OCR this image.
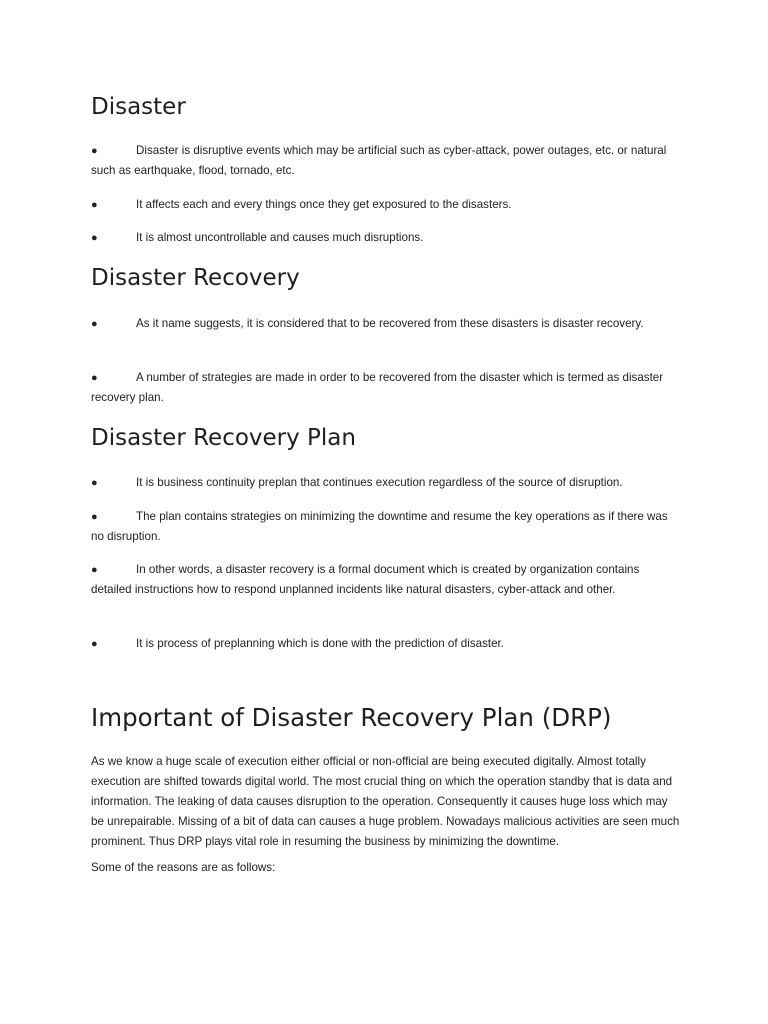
Disaster
●	Disaster is disruptive events which may be artificial such as cyber-attack, power outages, etc. or natural such as earthquake, flood, tornado, etc.
●	It affects each and every things once they get exposured to the disasters.
●	It is almost uncontrollable and causes much disruptions.
Disaster Recovery
●	As it name suggests, it is considered that to be recovered from these disasters is disaster recovery.
●	A number of strategies are made in order to be recovered from the disaster which is termed as disaster recovery plan.
Disaster Recovery Plan
●	It is business continuity preplan that continues execution regardless of the source of disruption.
●	The plan contains strategies on minimizing the downtime and resume the key operations as if there was no disruption.
●	In other words, a disaster recovery is a formal document which is created by organization contains detailed instructions how to respond unplanned incidents like natural disasters, cyber-attack and other.
●	It is process of preplanning which is done with the prediction of disaster.
Important of Disaster Recovery Plan (DRP)

As we know a huge scale of execution either official or non-official are being executed digitally. Almost totally execution are shifted towards digital world. The most crucial thing on which the operation standby that is data and information. The leaking of data causes disruption to the operation. Consequently it causes huge loss which may be unrepairable. Missing of a bit of data can causes a huge problem. Nowadays malicious activities are seen much prominent. Thus DRP plays vital role in resuming the business by minimizing the downtime.

Some of the reasons are as follows:
